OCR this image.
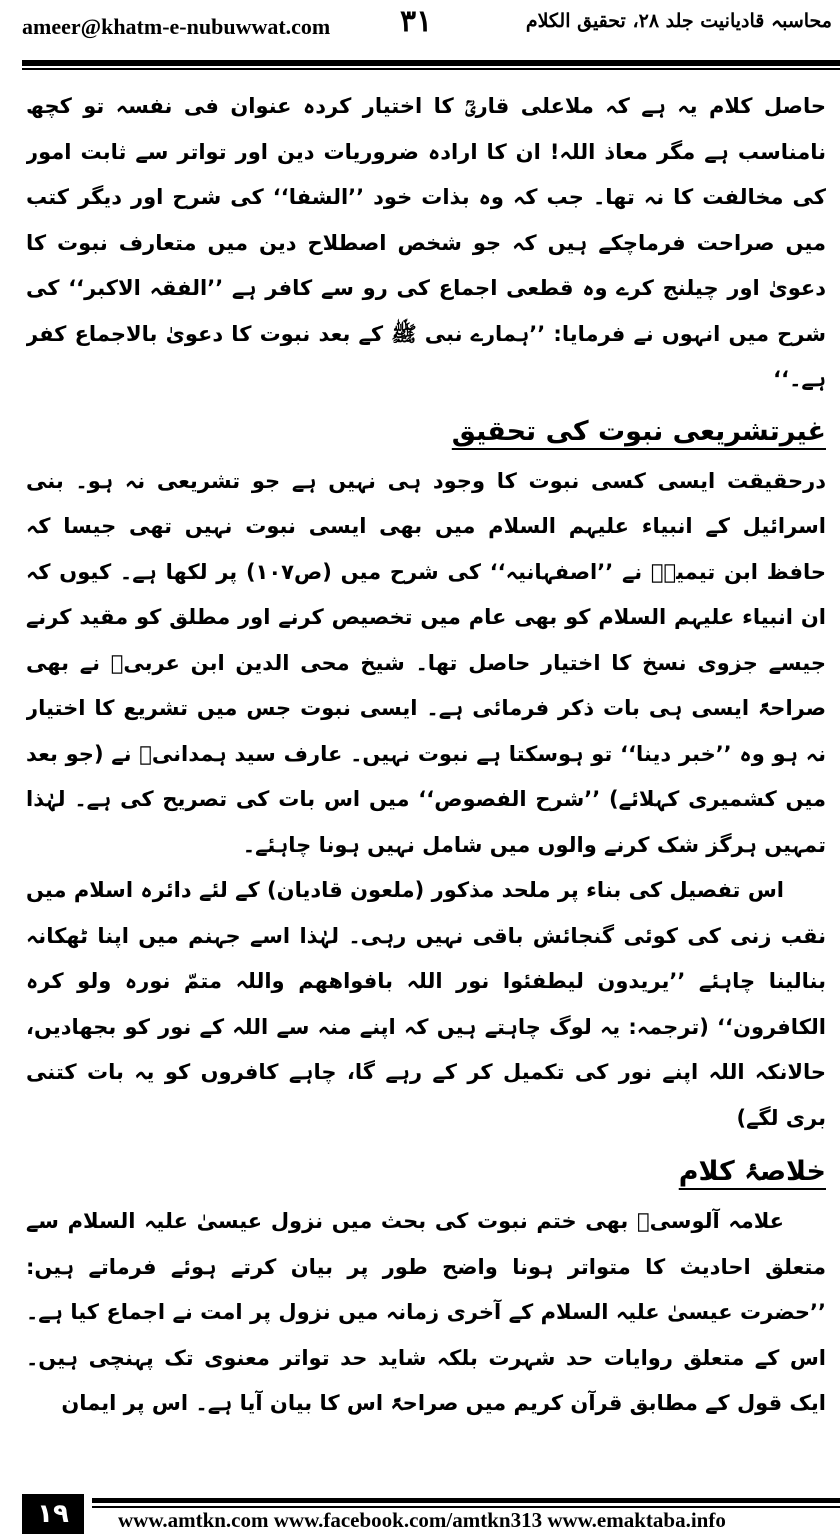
ameer@khatm-e-nubuwwat.com ۳۱	محاسبہ قادیانیت جلد ۲۸، تحقیق الکلام

حاصل کلام یہ ہے کہ ملاعلی قاریؒ کا اختیار کردہ عنوان فی نفسہ تو کچھ نامناسب ہے مگر معاذ اللہ! ان کا ارادہ ضروریات دین اور تواتر سے ثابت امور کی مخالفت کا نہ تھا۔ جب کہ وہ بذات خود ’’الشفا‘‘ کی شرح اور دیگر کتب میں صراحت فرماچکے ہیں کہ جو شخص اصطلاح دین میں متعارف نبوت کا دعویٰ اور چیلنج کرے وہ قطعی اجماع کی رو سے کافر ہے ’’الفقہ الاکبر‘‘ کی شرح میں انہوں نے فرمایا: ’’ہمارے نبی ﷺ کے بعد نبوت کا دعویٰ بالاجماع کفر ہے۔‘‘

غیرتشریعی نبوت کی تحقیق

درحقیقت ایسی کسی نبوت کا وجود ہی نہیں ہے جو تشریعی نہ ہو۔ بنی اسرائیل کے انبیاء علیہم السلام میں بھی ایسی نبوت نہیں تھی جیسا کہ حافظ ابن تیمیہؒ نے ’’اصفہانیہ‘‘ کی شرح میں (ص۱۰۷) پر لکھا ہے۔ کیوں کہ ان انبیاء علیہم السلام کو بھی عام میں تخصیص کرنے اور مطلق کو مقید کرنے جیسے جزوی نسخ کا اختیار حاصل تھا۔ شیخ محی الدین ابن عربیؒ نے بھی صراحۃً ایسی ہی بات ذکر فرمائی ہے۔ ایسی نبوت جس میں تشریع کا اختیار نہ ہو وہ ’’خبر دینا‘‘ تو ہوسکتا ہے نبوت نہیں۔ عارف سید ہمدانیؒ نے (جو بعد میں کشمیری کہلائے) ’’شرح الفصوص‘‘ میں اس بات کی تصریح کی ہے۔ لہٰذا تمہیں ہرگز شک کرنے والوں میں شامل نہیں ہونا چاہئے۔

اس تفصیل کی بناء پر ملحد مذکور (ملعون قادیان) کے لئے دائرہ اسلام میں نقب زنی کی کوئی گنجائش باقی نہیں رہی۔ لہٰذا اسے جہنم میں اپنا ٹھکانہ بنالینا چاہئے ’’یریدون لیطفئوا نور اللہ بافواھھم واللہ متمّ نورہ ولو کرہ الکافرون‘‘ (ترجمہ: یہ لوگ چاہتے ہیں کہ اپنے منہ سے اللہ کے نور کو بجھادیں، حالانکہ اللہ اپنے نور کی تکمیل کر کے رہے گا، چاہے کافروں کو یہ بات کتنی بری لگے)

خلاصۂ کلام

علامہ آلوسیؒ بھی ختم نبوت کی بحث میں نزول عیسیٰ علیہ السلام سے متعلق احادیث کا متواتر ہونا واضح طور پر بیان کرتے ہوئے فرماتے ہیں: ’’حضرت عیسیٰ علیہ السلام کے آخری زمانہ میں نزول پر امت نے اجماع کیا ہے۔ اس کے متعلق روایات حد شہرت بلکہ شاید حد تواتر معنوی تک پہنچی ہیں۔ ایک قول کے مطابق قرآن کریم میں صراحۃً اس کا بیان آیا ہے۔ اس پر ایمان

۱۹	www.amtkn.com www.facebook.com/amtkn313 www.emaktaba.info
